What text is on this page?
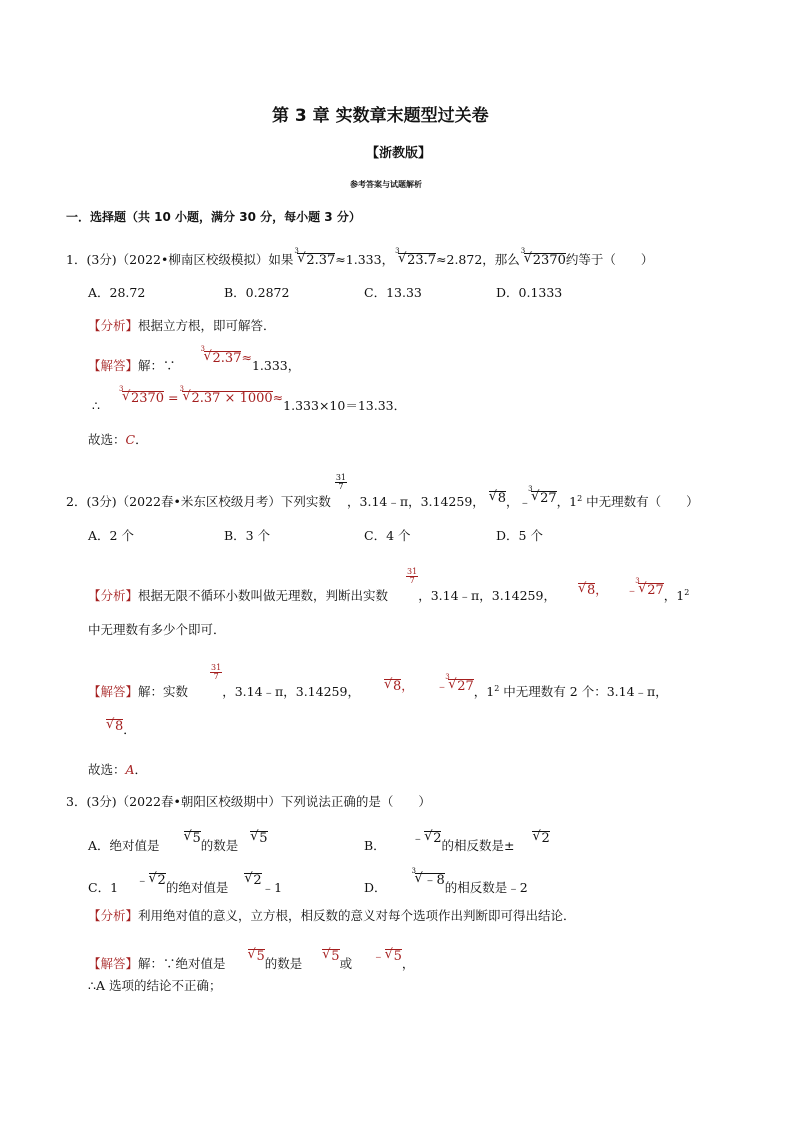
第 3 章 实数章末题型过关卷
【浙教版】
参考答案与试题解析
一．选择题（共 10 小题，满分 30 分，每小题 3 分）
1．(3分)（2022•柳南区校级模拟）如果
√ 3
2.37≈1.333，
√ 3
23.7≈2.872，那么
√ 3
2370约等于（　　）
A．28.72	B．0.2872	C．13.33	D．0.1333
【分析】根据立方根，即可解答．
【解答】解：∵
√ 3
2.37≈1.333，
∴
√ 3
2370 =
√ 3
2.37 × 1000≈1.333×10＝13.33．
故选：C．
2．(3分)（2022春•米东区校级月考）下列实数
$\frac{31}{7}$
，3.14﹣π，3.14259， √ 8，﹣
√ 3
27，$1^2$ 中无理数有（　　）
A．2 个	B．3 个	C．4 个	D．5 个
【分析】根据无限不循环小数叫做无理数，判断出实数
$\frac{31}{7}$
，3.14﹣π，3.14259， √ 8， ﹣
√ 3
27，$1^2$
中无理数有多少个即可．
【解答】解：实数
$\frac{31}{7}$
，3.14﹣π，3.14259，	√ 8， ﹣
√ 3
27，$1^2$ 中无理数有 2 个：3.14﹣π，
√ 8．
故选：A．
3．(3分)（2022春•朝阳区校级期中）下列说法正确的是（　　）
A．绝对值是	√ 5的数是 √ 5	B． ﹣ √ 2的相反数是± √ 2
C．1 ﹣ √ 2的绝对值是 √ 2﹣1	D．
√ 3
﹣8的相反数是﹣2
【分析】利用绝对值的意义，立方根，相反数的意义对每个选项作出判断即可得出结论．
【解答】解：∵绝对值是 √ 5的数是 √ 5或 ﹣ √ 5，
∴A 选项的结论不正确；
